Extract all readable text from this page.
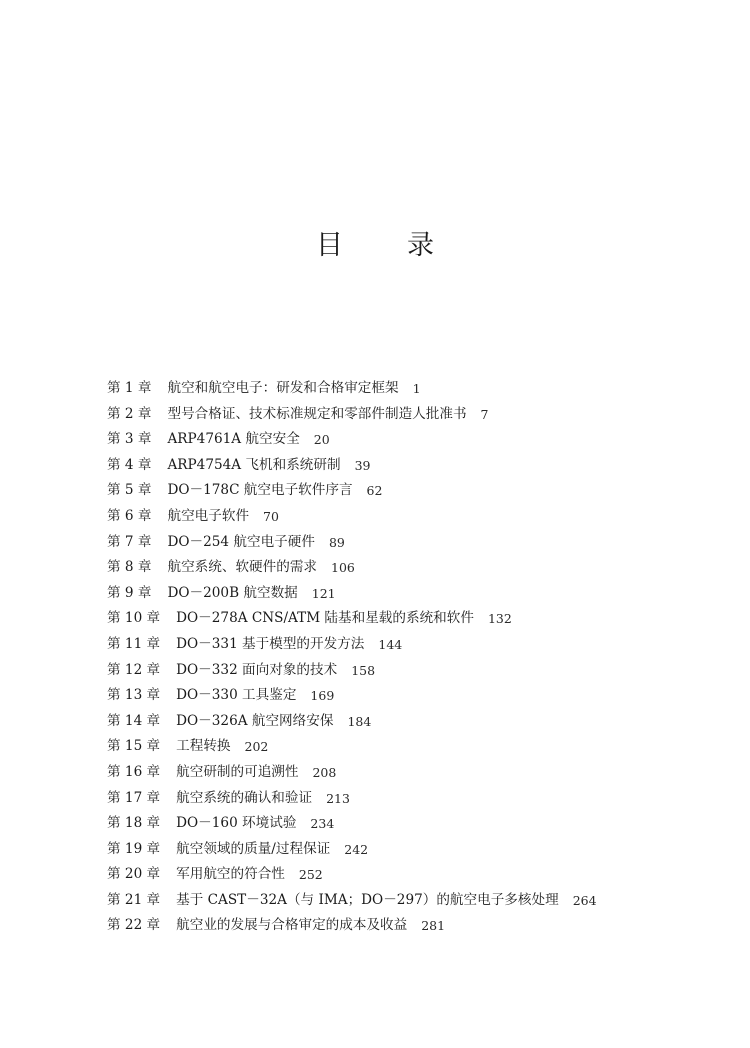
目 录
第 1 章 航空和航空电子：研发和合格审定框架 1
第 2 章 型号合格证、技术标准规定和零部件制造人批准书 7
第 3 章 ARP4761A 航空安全 20
第 4 章 ARP4754A 飞机和系统研制 39
第 5 章 DO－178C 航空电子软件序言 62
第 6 章 航空电子软件 70
第 7 章 DO－254 航空电子硬件 89
第 8 章 航空系统、软硬件的需求 106
第 9 章 DO－200B 航空数据 121
第 10 章 DO－278A CNS/ATM 陆基和星载的系统和软件 132
第 11 章 DO－331 基于模型的开发方法 144
第 12 章 DO－332 面向对象的技术 158
第 13 章 DO－330 工具鉴定 169
第 14 章 DO－326A 航空网络安保 184
第 15 章 工程转换 202
第 16 章 航空研制的可追溯性 208
第 17 章 航空系统的确认和验证 213
第 18 章 DO－160 环境试验 234
第 19 章 航空领域的质量/过程保证 242
第 20 章 军用航空的符合性 252
第 21 章 基于 CAST－32A（与 IMA；DO－297）的航空电子多核处理 264
第 22 章 航空业的发展与合格审定的成本及收益 281
